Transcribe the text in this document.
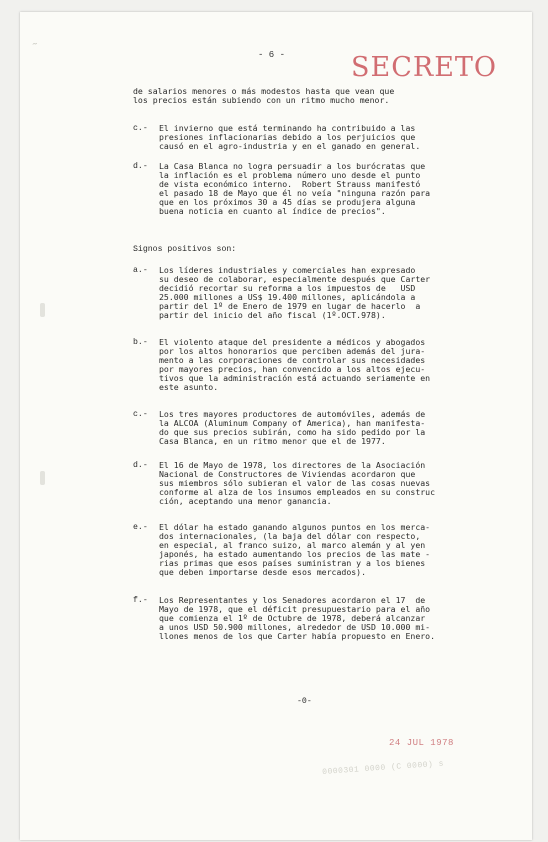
~
- 6 - SECRETO
de salarios menores o más modestos hasta que vean que
los precios están subiendo con un ritmo mucho menor.
c.- El invierno que está terminando ha contribuido a las
presiones inflacionarias debido a los perjuicios que
causó en el agro-industria y en el ganado en general.
d.- La Casa Blanca no logra persuadir a los burócratas que
la inflación es el problema número uno desde el punto
de vista económico interno.  Robert Strauss manifestó
el pasado 18 de Mayo que él no veía "ninguna razón para
que en los próximos 30 a 45 días se produjera alguna
buena noticia en cuanto al índice de precios".
Signos positivos son:
a.- Los líderes industriales y comerciales han expresado
su deseo de colaborar, especialmente después que Carter
decidió recortar su reforma a los impuestos de   USD
25.000 millones a US$ 19.400 millones, aplicándola a
partir del 1º de Enero de 1979 en lugar de hacerlo  a
partir del inicio del año fiscal (1º.OCT.978).
b.- El violento ataque del presidente a médicos y abogados
por los altos honorarios que perciben además del jura-
mento a las corporaciones de controlar sus necesidades
por mayores precios, han convencido a los altos ejecu-
tivos que la administración está actuando seriamente en
este asunto.
c.- Los tres mayores productores de automóviles, además de
la ALCOA (Aluminum Company of America), han manifesta-
do que sus precios subirán, como ha sido pedido por la
Casa Blanca, en un ritmo menor que el de 1977.
d.- El 16 de Mayo de 1978, los directores de la Asociación
Nacional de Constructores de Viviendas acordaron que
sus miembros sólo subieran el valor de las cosas nuevas
conforme al alza de los insumos empleados en su construc
ción, aceptando una menor ganancia.
e.- El dólar ha estado ganando algunos puntos en los merca-
dos internacionales, (la baja del dólar con respecto,
en especial, al franco suizo, al marco alemán y al yen
japonés, ha estado aumentando los precios de las mate -
rias primas que esos países suministran y a los bienes
que deben importarse desde esos mercados).
f.- Los Representantes y los Senadores acordaron el 17  de
Mayo de 1978, que el déficit presupuestario para el año
que comienza el 1º de Octubre de 1978, deberá alcanzar
a unos USD 50.900 millones, alrededor de USD 10.000 mi-
llones menos de los que Carter había propuesto en Enero.
-0-
24 JUL 1978
0000301 0000 (C 0000) s
